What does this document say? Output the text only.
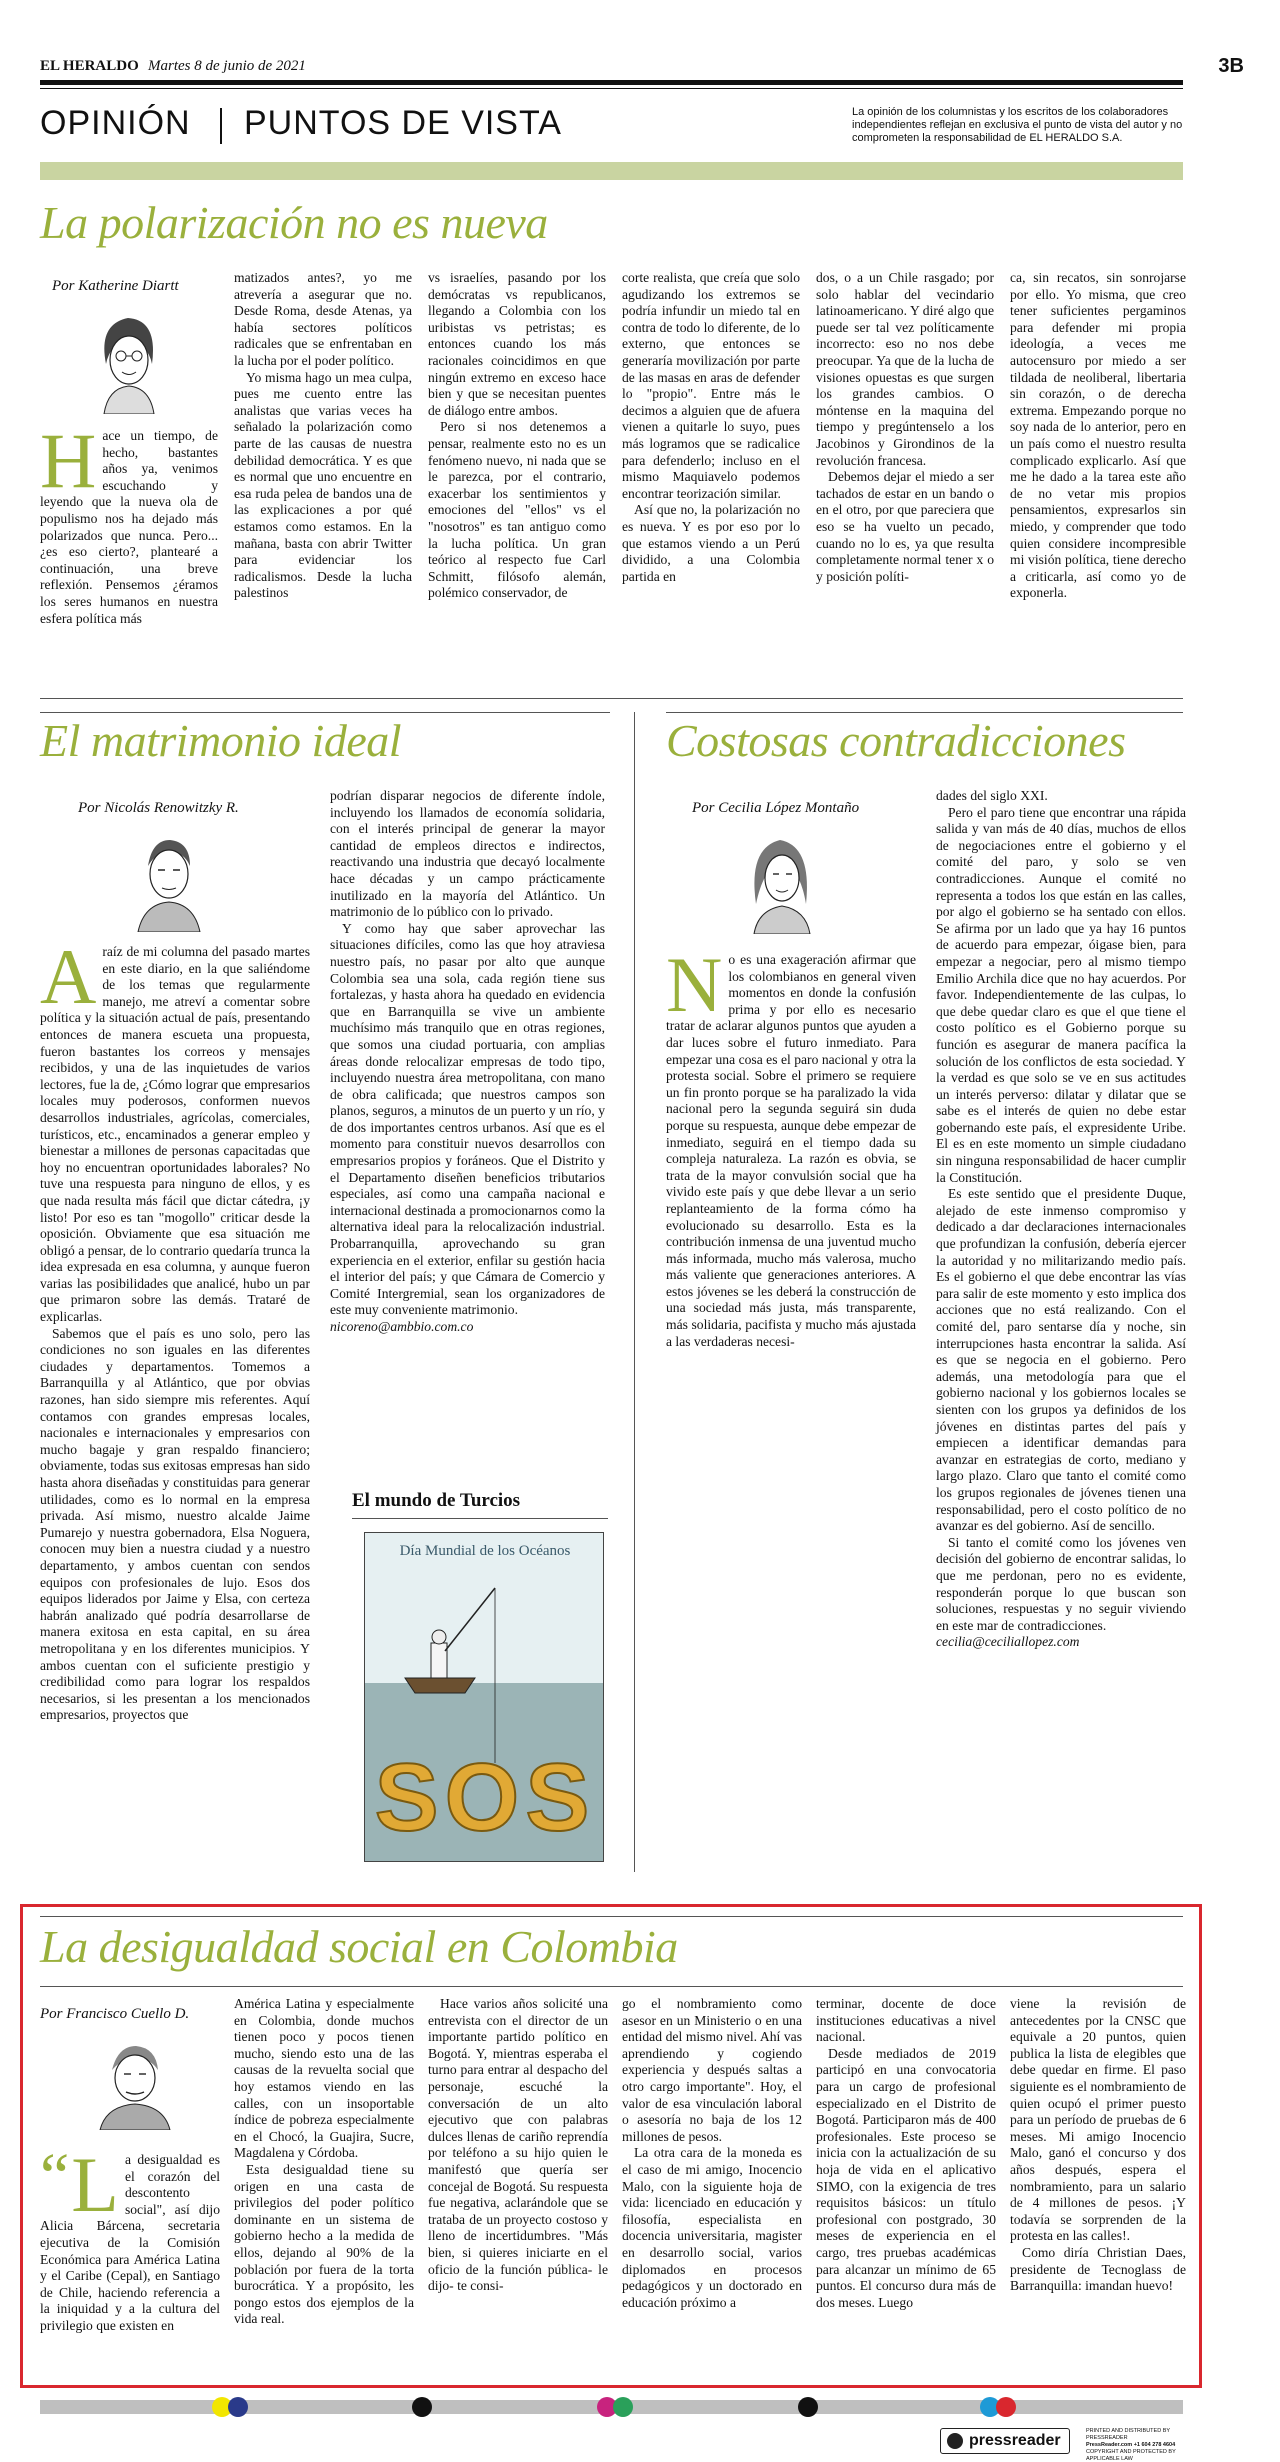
EL HERALDO Martes 8 de junio de 2021	3B
OPINIÓN PUNTOS DE VISTA	La opinión de los columnistas y los escritos de los colaboradores independientes reflejan en exclusiva el punto de vista del autor y no comprometen la responsabilidad de EL HERALDO S.A.
La polarización no es nueva
Por Katherine Diartt
H ace un tiempo, de hecho, bastantes años ya, venimos escuchando y leyendo que la nueva ola de populismo nos ha dejado más polarizados que nunca. Pero... ¿es eso cierto?, plantearé a continuación, una breve reflexión. Pensemos ¿éramos los seres humanos en nuestra esfera política más

matizados antes?, yo me atrevería a asegurar que no. Desde Roma, desde Atenas, ya había sectores políticos radicales que se enfrentaban en la lucha por el poder político.

Yo misma hago un mea culpa, pues me cuento entre las analistas que varias veces ha señalado la polarización como parte de las causas de nuestra debilidad democrática. Y es que es normal que uno encuentre en esa ruda pelea de bandos una de las explicaciones a por qué estamos como estamos. En la mañana, basta con abrir Twitter para evidenciar los radicalismos. Desde la lucha palestinos

vs israelíes, pasando por los demócratas vs republicanos, llegando a Colombia con los uribistas vs petristas; es entonces cuando los más racionales coincidimos en que ningún extremo en exceso hace bien y que se necesitan puentes de diálogo entre ambos.

Pero si nos detenemos a pensar, realmente esto no es un fenómeno nuevo, ni nada que se le parezca, por el contrario, exacerbar los sentimientos y emociones del "ellos" vs el "nosotros" es tan antiguo como la lucha política. Un gran teórico al respecto fue Carl Schmitt, filósofo alemán, polémico conservador, de

corte realista, que creía que solo agudizando los extremos se podría infundir un miedo tal en contra de todo lo diferente, de lo externo, que entonces se generaría movilización por parte de las masas en aras de defender lo "propio". Entre más le decimos a alguien que de afuera vienen a quitarle lo suyo, pues más logramos que se radicalice para defenderlo; incluso en el mismo Maquiavelo podemos encontrar teorización similar.

Así que no, la polarización no es nueva. Y es por eso por lo que estamos viendo a un Perú dividido, a una Colombia partida en

dos, o a un Chile rasgado; por solo hablar del vecindario latinoamericano. Y diré algo que puede ser tal vez políticamente incorrecto: eso no nos debe preocupar. Ya que de la lucha de visiones opuestas es que surgen los grandes cambios. O móntense en la maquina del tiempo y pregúntenselo a los Jacobinos y Girondinos de la revolución francesa.

Debemos dejar el miedo a ser tachados de estar en un bando o en el otro, por que pareciera que eso se ha vuelto un pecado, cuando no lo es, ya que resulta completamente normal tener x o y posición políti-

ca, sin recatos, sin sonrojarse por ello. Yo misma, que creo tener suficientes pergaminos para defender mi propia ideología, a veces me autocensuro por miedo a ser tildada de neoliberal, libertaria sin corazón, o de derecha extrema. Empezando porque no soy nada de lo anterior, pero en un país como el nuestro resulta complicado explicarlo. Así que me he dado a la tarea este año de no vetar mis propios pensamientos, expresarlos sin miedo, y comprender que todo quien considere incompresible mi visión política, tiene derecho a criticarla, así como yo de exponerla.

El matrimonio ideal
Por Nicolás Renowitzky R.
A raíz de mi columna del pasado martes en este diario, en la que saliéndome de los temas que regularmente manejo, me atreví a comentar sobre política y la situación actual de país, presentando entonces de manera escueta una propuesta, fueron bastantes los correos y mensajes recibidos, y una de las inquietudes de varios lectores, fue la de, ¿Cómo lograr que empresarios locales muy poderosos, conformen nuevos desarrollos industriales, agrícolas, comerciales, turísticos, etc., encaminados a generar empleo y bienestar a millones de personas capacitadas que hoy no encuentran oportunidades laborales? No tuve una respuesta para ninguno de ellos, y es que nada resulta más fácil que dictar cátedra, ¡y listo! Por eso es tan "mogollo" criticar desde la oposición. Obviamente que esa situación me obligó a pensar, de lo contrario quedaría trunca la idea expresada en esa columna, y aunque fueron varias las posibilidades que analicé, hubo un par que primaron sobre las demás. Trataré de explicarlas.

Sabemos que el país es uno solo, pero las condiciones no son iguales en las diferentes ciudades y departamentos. Tomemos a Barranquilla y al Atlántico, que por obvias razones, han sido siempre mis referentes. Aquí contamos con grandes empresas locales, nacionales e internacionales y empresarios con mucho bagaje y gran respaldo financiero; obviamente, todas sus exitosas empresas han sido hasta ahora diseñadas y constituidas para generar utilidades, como es lo normal en la empresa privada. Así mismo, nuestro alcalde Jaime Pumarejo y nuestra gobernadora, Elsa Noguera, conocen muy bien a nuestra ciudad y a nuestro departamento, y ambos cuentan con sendos equipos con profesionales de lujo. Esos dos equipos liderados por Jaime y Elsa, con certeza habrán analizado qué podría desarrollarse de manera exitosa en esta capital, en su área metropolitana y en los diferentes municipios. Y ambos cuentan con el suficiente prestigio y credibilidad como para lograr los respaldos necesarios, si les presentan a los mencionados empresarios, proyectos que

podrían disparar negocios de diferente índole, incluyendo los llamados de economía solidaria, con el interés principal de generar la mayor cantidad de empleos directos e indirectos, reactivando una industria que decayó localmente hace décadas y un campo prácticamente inutilizado en la mayoría del Atlántico. Un matrimonio de lo público con lo privado.

Y como hay que saber aprovechar las situaciones difíciles, como las que hoy atraviesa nuestro país, no pasar por alto que aunque Colombia sea una sola, cada región tiene sus fortalezas, y hasta ahora ha quedado en evidencia que en Barranquilla se vive un ambiente muchísimo más tranquilo que en otras regiones, que somos una ciudad portuaria, con amplias áreas donde relocalizar empresas de todo tipo, incluyendo nuestra área metropolitana, con mano de obra calificada; que nuestros campos son planos, seguros, a minutos de un puerto y un río, y de dos importantes centros urbanos. Así que es el momento para constituir nuevos desarrollos con empresarios propios y foráneos. Que el Distrito y el Departamento diseñen beneficios tributarios especiales, así como una campaña nacional e internacional destinada a promocionarnos como la alternativa ideal para la relocalización industrial. Probarranquilla, aprovechando su gran experiencia en el exterior, enfilar su gestión hacia el interior del país; y que Cámara de Comercio y Comité Intergremial, sean los organizadores de este muy conveniente matrimonio.

nicoreno@ambbio.com.co

El mundo de Turcios
Día Mundial de los Océanos
SOS
Costosas contradicciones
Por Cecilia López Montaño
N o es una exageración afirmar que los colombianos en general viven momentos en donde la confusión prima y por ello es necesario tratar de aclarar algunos puntos que ayuden a dar luces sobre el futuro inmediato. Para empezar una cosa es el paro nacional y otra la protesta social. Sobre el primero se requiere un fin pronto porque se ha paralizado la vida nacional pero la segunda seguirá sin duda porque su respuesta, aunque debe empezar de inmediato, seguirá en el tiempo dada su compleja naturaleza. La razón es obvia, se trata de la mayor convulsión social que ha vivido este país y que debe llevar a un serio replanteamiento de la forma cómo ha evolucionado su desarrollo. Esta es la contribución inmensa de una juventud mucho más informada, mucho más valerosa, mucho más valiente que generaciones anteriores. A estos jóvenes se les deberá la construcción de una sociedad más justa, más transparente, más solidaria, pacifista y mucho más ajustada a las verdaderas necesi-

dades del siglo XXI.

Pero el paro tiene que encontrar una rápida salida y van más de 40 días, muchos de ellos de negociaciones entre el gobierno y el comité del paro, y solo se ven contradicciones. Aunque el comité no representa a todos los que están en las calles, por algo el gobierno se ha sentado con ellos. Se afirma por un lado que ya hay 16 puntos de acuerdo para empezar, óigase bien, para empezar a negociar, pero al mismo tiempo Emilio Archila dice que no hay acuerdos. Por favor. Independientemente de las culpas, lo que debe quedar claro es que el que tiene el costo político es el Gobierno porque su función es asegurar de manera pacífica la solución de los conflictos de esta sociedad. Y la verdad es que solo se ve en sus actitudes un interés perverso: dilatar y dilatar que se sabe es el interés de quien no debe estar gobernando este país, el expresidente Uribe. El es en este momento un simple ciudadano sin ninguna responsabilidad de hacer cumplir la Constitución.

Es este sentido que el presidente Duque, alejado de este inmenso compromiso y dedicado a dar declaraciones internacionales que profundizan la confusión, debería ejercer la autoridad y no militarizando medio país. Es el gobierno el que debe encontrar las vías para salir de este momento y esto implica dos acciones que no está realizando. Con el comité del, paro sentarse día y noche, sin interrupciones hasta encontrar la salida. Así es que se negocia en el gobierno. Pero además, una metodología para que el gobierno nacional y los gobiernos locales se sienten con los grupos ya definidos de los jóvenes en distintas partes del país y empiecen a identificar demandas para avanzar en estrategias de corto, mediano y largo plazo. Claro que tanto el comité como los grupos regionales de jóvenes tienen una responsabilidad, pero el costo político de no avanzar es del gobierno. Así de sencillo.

Si tanto el comité como los jóvenes ven decisión del gobierno de encontrar salidas, lo que me perdonan, pero no es evidente, responderán porque lo que buscan son soluciones, respuestas y no seguir viviendo en este mar de contradicciones.

cecilia@ceciliallopez.com

La desigualdad social en Colombia
Por Francisco Cuello D.
“ L a desigualdad es el corazón del descontento social", así dijo Alicia Bárcena, secretaria ejecutiva de la Comisión Económica para América Latina y el Caribe (Cepal), en Santiago de Chile, haciendo referencia a la iniquidad y a la cultura del privilegio que existen en

América Latina y especialmente en Colombia, donde muchos tienen poco y pocos tienen mucho, siendo esto una de las causas de la revuelta social que hoy estamos viendo en las calles, con un insoportable índice de pobreza especialmente en el Chocó, la Guajira, Sucre, Magdalena y Córdoba.

Esta desigualdad tiene su origen en una casta de privilegios del poder político dominante en un sistema de gobierno hecho a la medida de ellos, dejando al 90% de la población por fuera de la torta burocrática. Y a propósito, les pongo estos dos ejemplos de la vida real.

Hace varios años solicité una entrevista con el director de un importante partido político en Bogotá. Y, mientras esperaba el turno para entrar al despacho del personaje, escuché la conversación de un alto ejecutivo que con palabras dulces llenas de cariño reprendía por teléfono a su hijo quien le manifestó que quería ser concejal de Bogotá. Su respuesta fue negativa, aclarándole que se trataba de un proyecto costoso y lleno de incertidumbres. "Más bien, si quieres iniciarte en el oficio de la función pública- le dijo- te consi-

go el nombramiento como asesor en un Ministerio o en una entidad del mismo nivel. Ahí vas aprendiendo y cogiendo experiencia y después saltas a otro cargo importante". Hoy, el valor de esa vinculación laboral o asesoría no baja de los 12 millones de pesos.

La otra cara de la moneda es el caso de mi amigo, Inocencio Malo, con la siguiente hoja de vida: licenciado en educación y filosofía, especialista en docencia universitaria, magister en desarrollo social, varios diplomados en procesos pedagógicos y un doctorado en educación próximo a

terminar, docente de doce instituciones educativas a nivel nacional.

Desde mediados de 2019 participó en una convocatoria para un cargo de profesional especializado en el Distrito de Bogotá. Participaron más de 400 profesionales. Este proceso se inicia con la actualización de su hoja de vida en el aplicativo SIMO, con la exigencia de tres requisitos básicos: un título profesional con postgrado, 30 meses de experiencia en el cargo, tres pruebas académicas para alcanzar un mínimo de 65 puntos. El concurso dura más de dos meses. Luego

viene la revisión de antecedentes por la CNSC que equivale a 20 puntos, quien publica la lista de elegibles que debe quedar en firme. El paso siguiente es el nombramiento de quien ocupó el primer puesto para un período de pruebas de 6 meses. Mi amigo Inocencio Malo, ganó el concurso y dos años después, espera el nombramiento, para un salario de 4 millones de pesos. ¡Y todavía se sorprenden de la protesta en las calles!.

Como diría Christian Daes, presidente de Tecnoglass de Barranquilla: imandan huevo!

pressreader
PRINTED AND DISTRIBUTED BY PRESSREADER
PressReader.com +1 604 278 4604
COPYRIGHT AND PROTECTED BY APPLICABLE LAW
